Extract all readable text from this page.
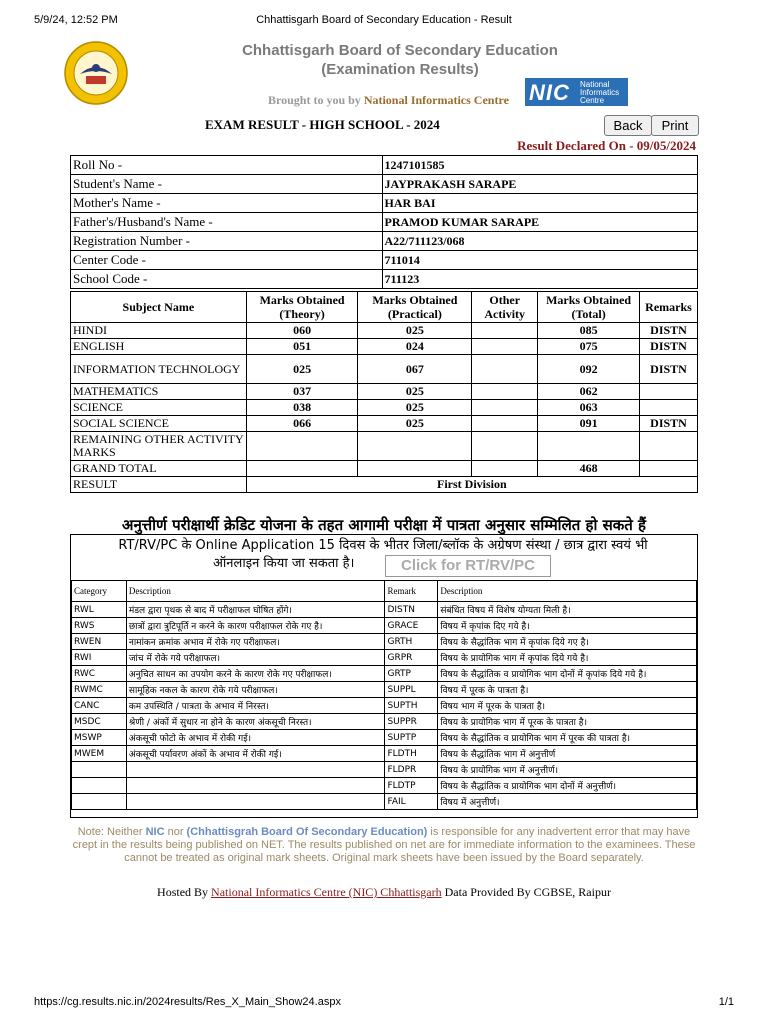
5/9/24, 12:52 PM	Chhattisgarh Board of Secondary Education - Result
Chhattisgarh Board of Secondary Education
(Examination Results)
Brought to you by National Informatics Centre NIC National
Informatics
Centre
EXAM RESULT - HIGH SCHOOL - 2024	Back	Print
Result Declared On - 09/05/2024
Roll No -	1247101585
Student's Name -	JAYPRAKASH SARAPE
Mother's Name -	HAR BAI
Father's/Husband's Name -	PRAMOD KUMAR SARAPE
Registration Number -	A22/711123/068
Center Code -	711014
School Code -	711123
Subject Name	Marks Obtained (Theory)	Marks Obtained (Practical)	Other Activity	Marks Obtained (Total)	Remarks
HINDI	060	025		085	DISTN
ENGLISH	051	024		075	DISTN
INFORMATION TECHNOLOGY	025	067		092	DISTN
MATHEMATICS	037	025		062	
SCIENCE	038	025		063	
SOCIAL SCIENCE	066	025		091	DISTN
REMAINING OTHER ACTIVITY MARKS					
GRAND TOTAL				468	
RESULT	First Division				
अनुत्तीर्ण परीक्षार्थी क्रेडिट योजना के तहत आगामी परीक्षा में पात्रता अनुसार सम्मिलित हो सकते हैं
RT/RV/PC के Online Application 15 दिवस के भीतर जिला/ब्लॉक के अग्रेषण संस्था / छात्र द्वारा स्वयं भी
ऑनलाइन किया जा सकता है।	Click for RT/RV/PC
Category	Description	Remark	Description
RWL	मंडल द्वारा पृथक से बाद में परीक्षाफल घोषित होंगे।	DISTN	संबंधित विषय में विशेष योग्यता मिली है।
RWS	छात्रों द्वारा त्रुटिपूर्ति न करने के कारण परीक्षाफल रोके गए है।	GRACE	विषय में कृपांक दिए गये है।
RWEN	नामांकन क्रमांक अभाव में रोके गए परीक्षाफल।	GRTH	विषय के सैद्धांतिक भाग में कृपांक दिये गए है।
RWI	जांच में रोके गये परीक्षाफल।	GRPR	विषय के प्रायोगिक भाग में कृपांक दिये गये है।
RWC	अनुचित साधन का उपयोग करने के कारण रोके गए परीक्षाफल।	GRTP	विषय के सैद्धांतिक व प्रायोगिक भाग दोनों में कृपांक दिये गये है।
RWMC	सामूहिक नकल के कारण रोके गये परीक्षाफल।	SUPPL	विषय में पूरक के पात्रता है।
CANC	कम उपस्थिति / पात्रता के अभाव में निरस्त।	SUPTH	विषय भाग में पूरक के पात्रता है।
MSDC	श्रेणी / अंकों में सुधार ना होने के कारण अंकसूची निरस्त।	SUPPR	विषय के प्रायोगिक भाग में पूरक के पात्रता है।
MSWP	अंकसूची फोटो के अभाव में रोकी गई।	SUPTP	विषय के सैद्धांतिक व प्रायोगिक भाग में पूरक की पात्रता है।
MWEM	अंकसूची पर्यावरण अंकों के अभाव में रोकी गई।	FLDTH	विषय के सैद्धांतिक भाग में अनुत्तीर्ण
		FLDPR	विषय के प्रायोगिक भाग में अनुत्तीर्ण।
		FLDTP	विषय के सैद्धांतिक व प्रायोगिक भाग दोनों में अनुत्तीर्ण।
		FAIL	विषय में अनुत्तीर्ण।
Note: Neither NIC nor (Chhattisgrah Board Of Secondary Education) is responsible for any inadvertent error that may have crept in the results being published on NET. The results published on net are for immediate information to the examinees. These cannot be treated as original mark sheets. Original mark sheets have been issued by the Board separately.
Hosted By National Informatics Centre (NIC) Chhattisgarh Data Provided By CGBSE, Raipur
https://cg.results.nic.in/2024results/Res_X_Main_Show24.aspx	1/1
